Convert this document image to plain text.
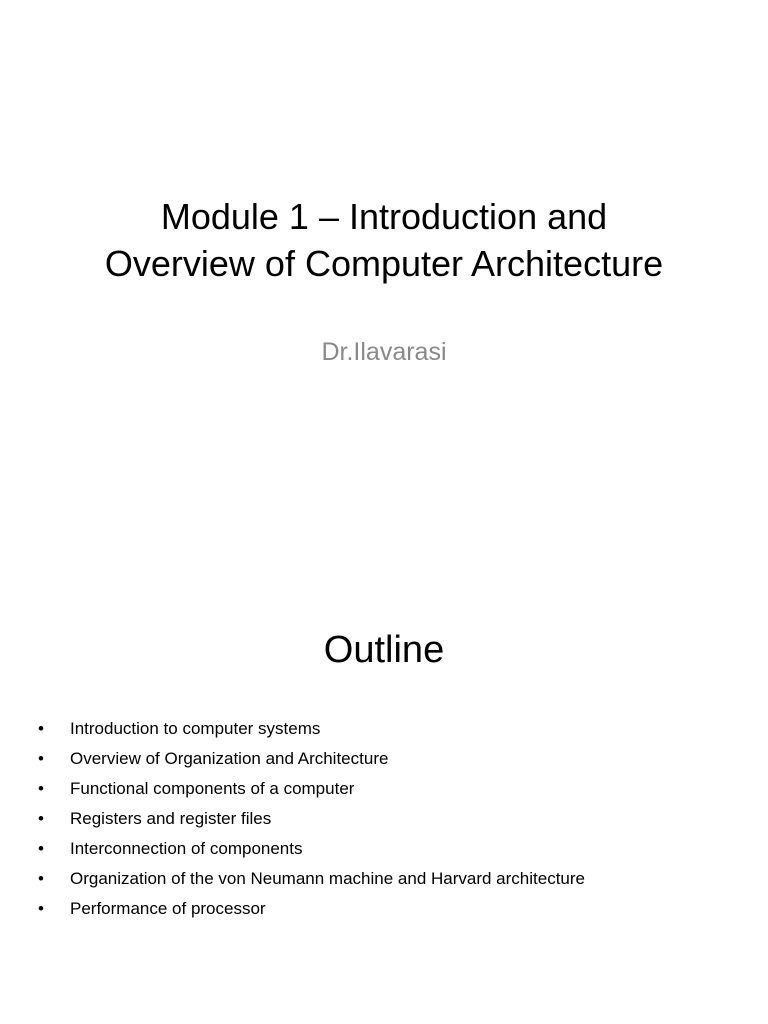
Module 1 – Introduction and
Overview of Computer Architecture

Dr.Ilavarasi

Outline
• Introduction to computer systems
• Overview of Organization and Architecture
• Functional components of a computer
• Registers and register files
• Interconnection of components
• Organization of the von Neumann machine and Harvard architecture
• Performance of processor
